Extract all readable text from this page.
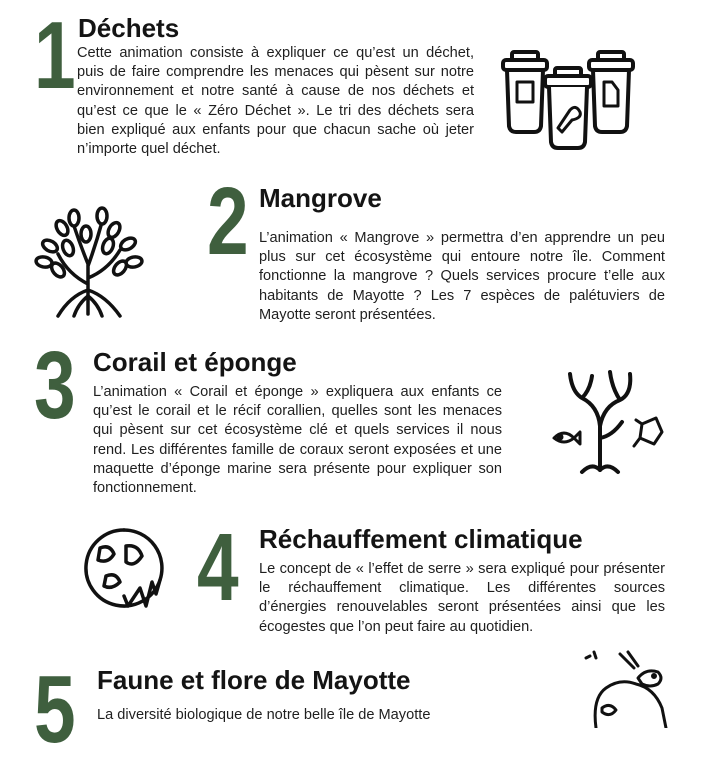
1 Déchets
Cette animation consiste à expliquer ce qu’est un déchet, puis de faire comprendre les menaces qui pèsent sur notre environnement et notre santé à cause de nos déchets et qu’est ce que le « Zéro Déchet ». Le tri des déchets sera bien expliqué aux enfants pour que chacun sache où jeter n’importe quel déchet.
2 Mangrove
L’animation « Mangrove » permettra d’en apprendre un peu plus sur cet écosystème qui entoure notre île. Comment fonctionne la mangrove ? Quels services procure t’elle aux habitants de Mayotte ? Les 7 espèces de palétuviers de Mayotte seront présentées.
3 Corail et éponge
L’animation « Corail et éponge » expliquera aux enfants ce qu’est le corail et le récif corallien, quelles sont les menaces qui pèsent sur cet écosystème clé et quels services il nous rend. Les différentes famille de coraux seront exposées et une maquette d’éponge marine sera présente pour expliquer son fonctionnement.
4 Réchauffement climatique
Le concept de « l’effet de serre » sera expliqué pour présenter le réchauffement climatique. Les différentes sources d’énergies renouvelables seront présentées ainsi que les écogestes que l’on peut faire au quotidien.
5 Faune et flore de Mayotte
La diversité biologique de notre belle île de Mayotte
